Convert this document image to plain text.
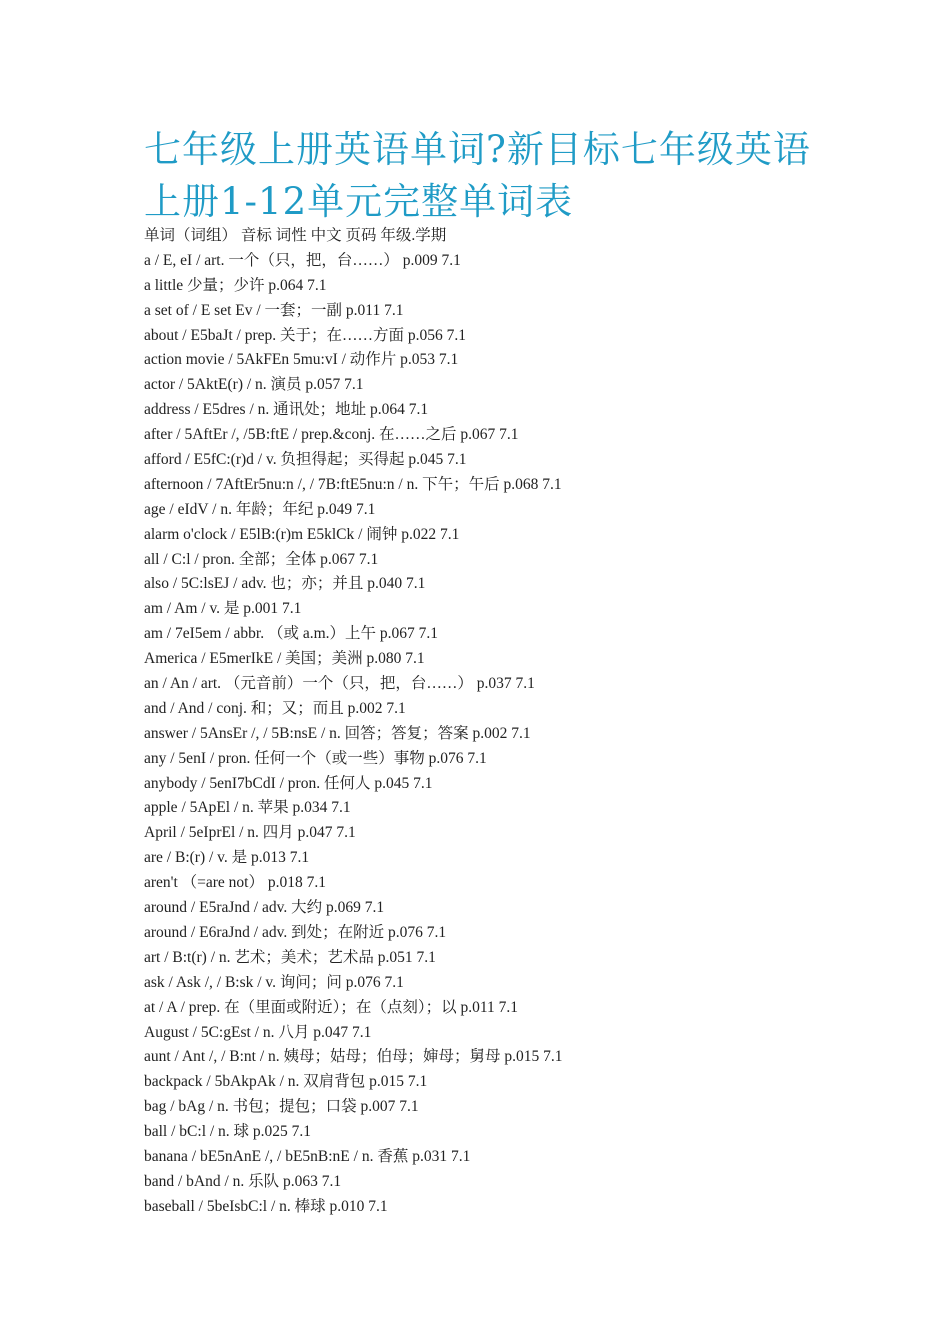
七年级上册英语单词?新目标七年级英语上册1-12单元完整单词表
单词（词组） 音标 词性 中文 页码 年级.学期
a / E, eI / art. 一个（只，把，台……） p.009 7.1
a little 少量；少许 p.064 7.1
a set of / E set Ev / 一套；一副 p.011 7.1
about / E5baJt / prep. 关于；在……方面 p.056 7.1
action movie / 5AkFEn 5mu:vI / 动作片 p.053 7.1
actor / 5AktE(r) / n. 演员 p.057 7.1
address / E5dres / n. 通讯处；地址 p.064 7.1
after / 5AftEr /, /5B:ftE / prep.&conj. 在……之后 p.067 7.1
afford / E5fC:(r)d / v. 负担得起；买得起 p.045 7.1
afternoon / 7AftEr5nu:n /, / 7B:ftE5nu:n / n. 下午；午后 p.068 7.1
age / eIdV / n. 年龄；年纪 p.049 7.1
alarm o'clock / E5lB:(r)m E5klCk / 闹钟 p.022 7.1
all / C:l / pron. 全部；全体 p.067 7.1
also / 5C:lsEJ / adv. 也；亦；并且 p.040 7.1
am / Am / v. 是 p.001 7.1
am / 7eI5em / abbr. （或 a.m.）上午 p.067 7.1
America / E5merIkE / 美国；美洲 p.080 7.1
an / An / art. （元音前）一个（只，把，台……） p.037 7.1
and / And / conj. 和；又；而且 p.002 7.1
answer / 5AnsEr /, / 5B:nsE / n. 回答；答复；答案 p.002 7.1
any / 5enI / pron. 任何一个（或一些）事物 p.076 7.1
anybody / 5enI7bCdI / pron. 任何人 p.045 7.1
apple / 5ApEl / n. 苹果 p.034 7.1
April / 5eIprEl / n. 四月 p.047 7.1
are / B:(r) / v. 是 p.013 7.1
aren't （=are not） p.018 7.1
around / E5raJnd / adv. 大约 p.069 7.1
around / E6raJnd / adv. 到处；在附近 p.076 7.1
art / B:t(r) / n. 艺术；美术；艺术品 p.051 7.1
ask / Ask /, / B:sk / v. 询问；问 p.076 7.1
at / A / prep. 在（里面或附近）；在（点刻）；以 p.011 7.1
August / 5C:gEst / n. 八月 p.047 7.1
aunt / Ant /, / B:nt / n. 姨母；姑母；伯母；婶母；舅母 p.015 7.1
backpack / 5bAkpAk / n. 双肩背包 p.015 7.1
bag / bAg / n. 书包；提包；口袋 p.007 7.1
ball / bC:l / n. 球 p.025 7.1
banana / bE5nAnE /, / bE5nB:nE / n. 香蕉 p.031 7.1
band / bAnd / n. 乐队 p.063 7.1
baseball / 5beIsbC:l / n. 棒球 p.010 7.1
